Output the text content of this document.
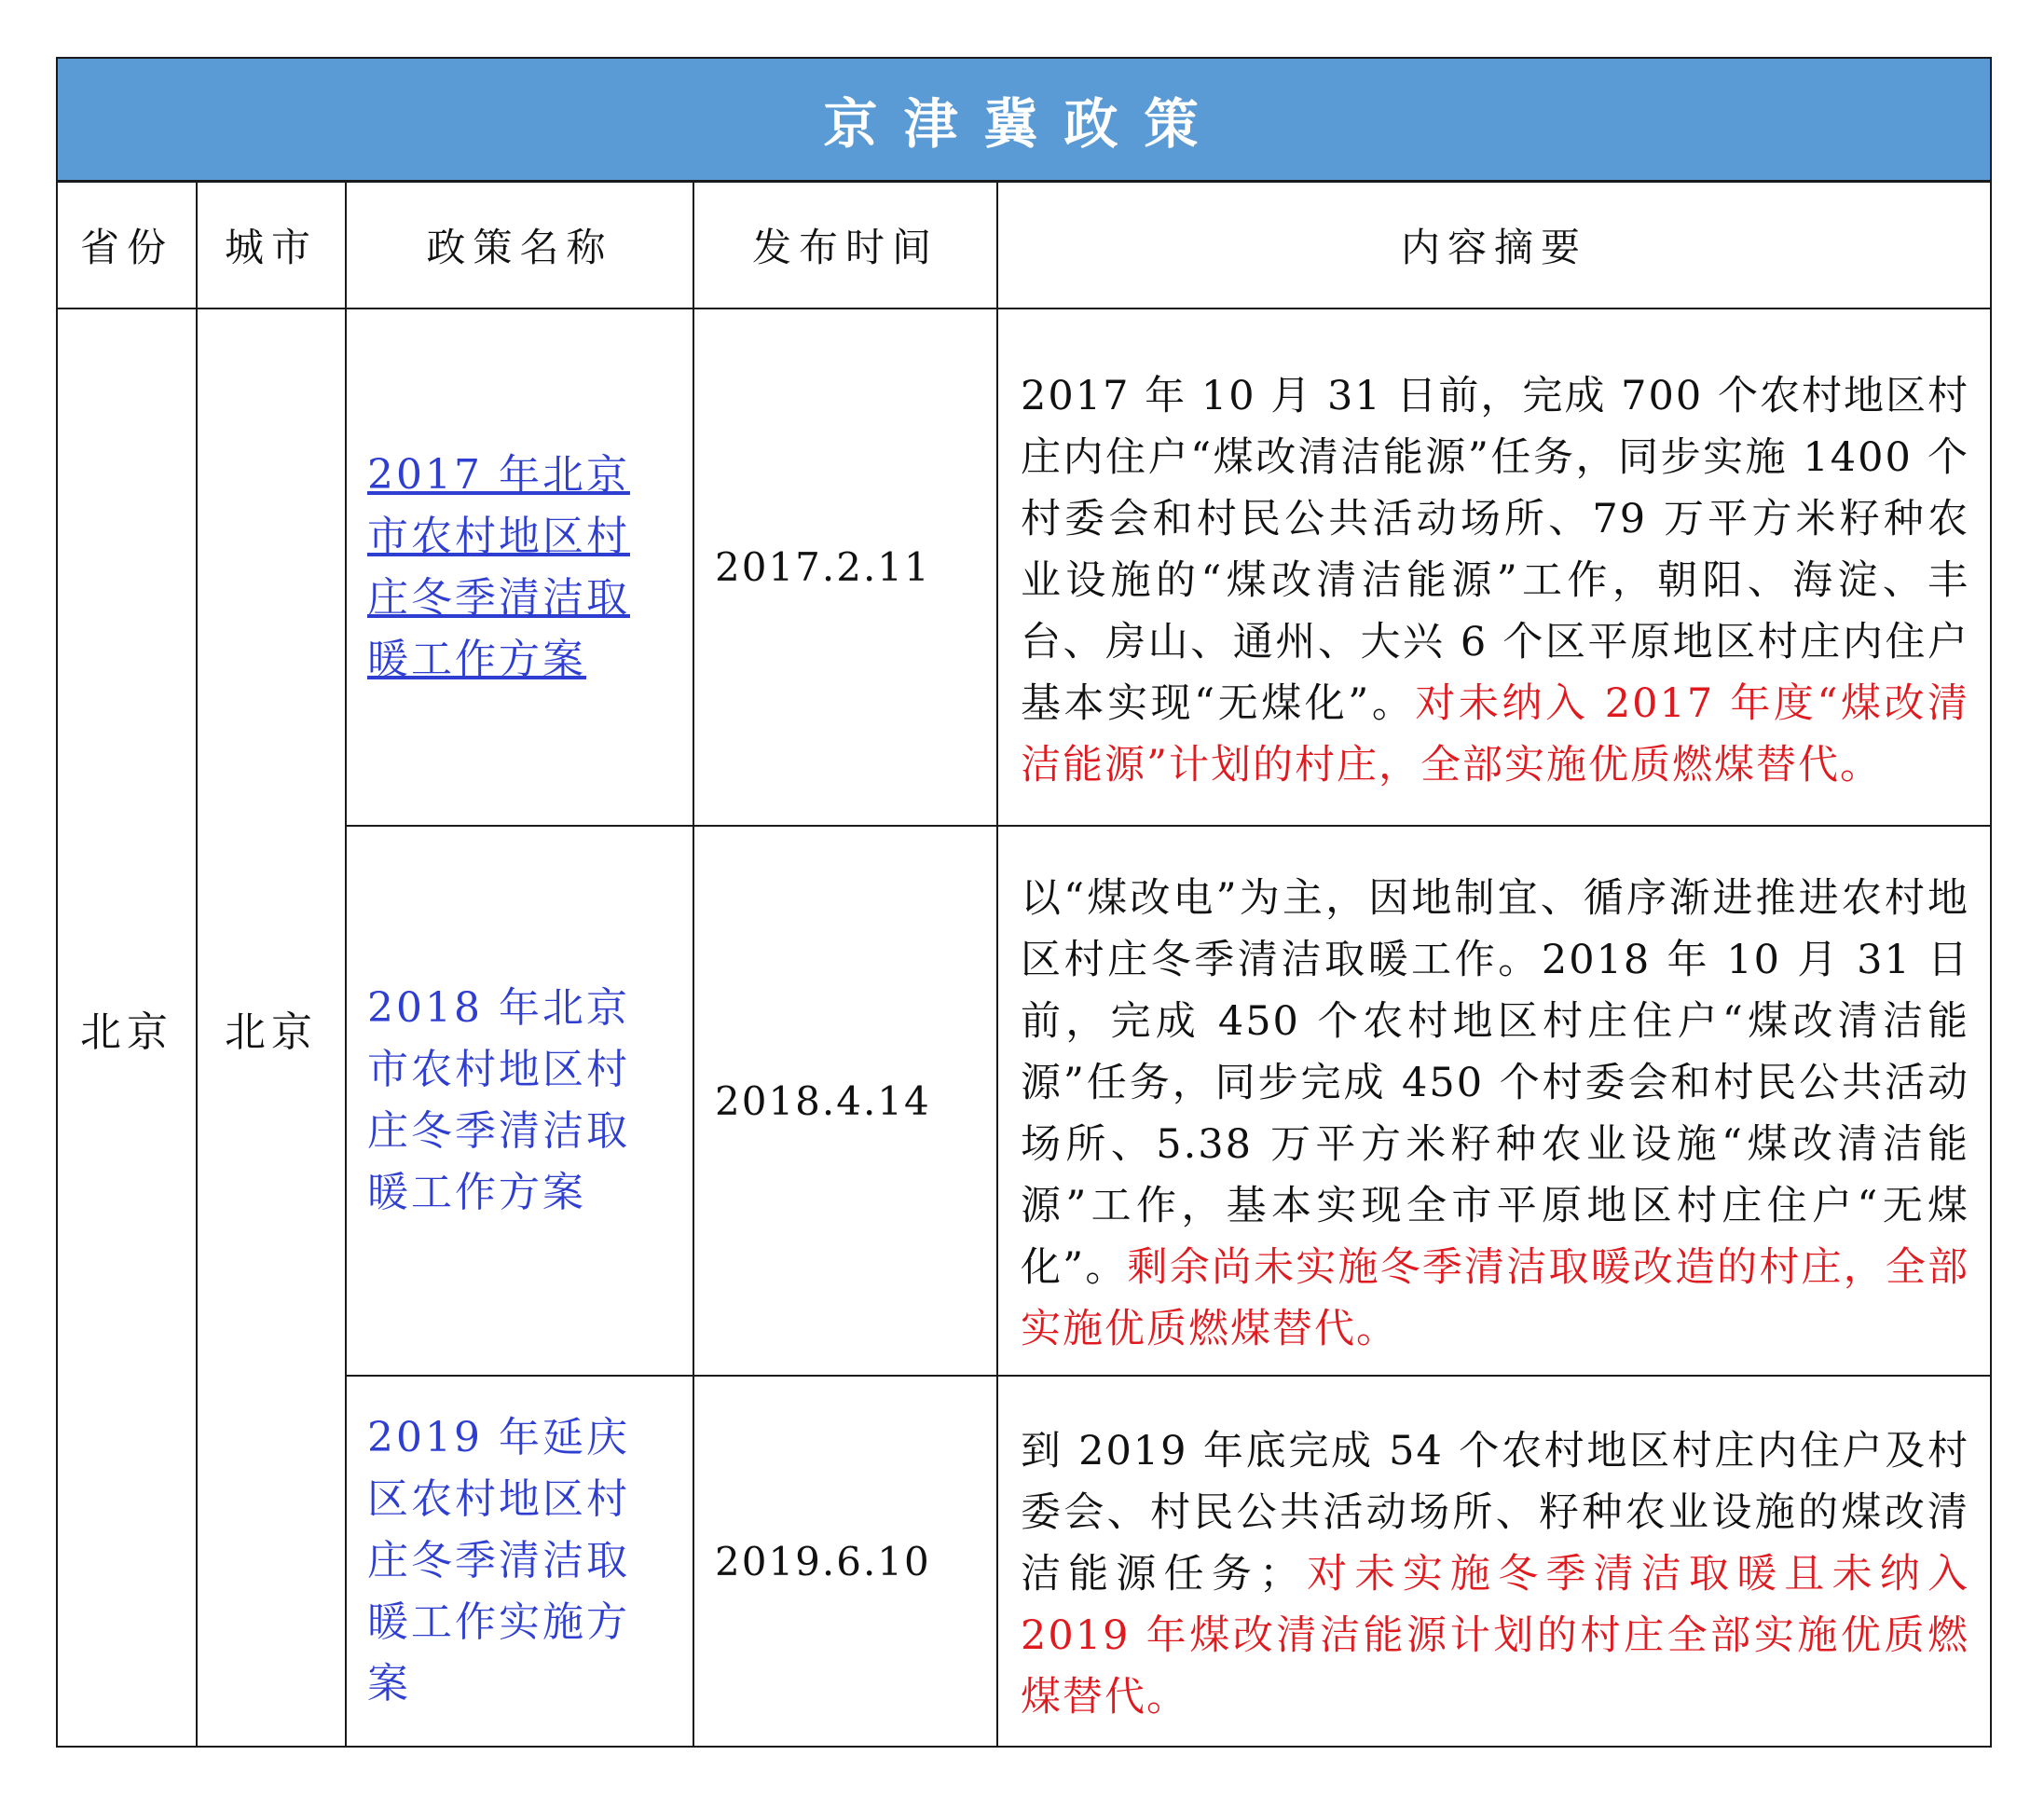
京津冀政策				
省份	城市	政策名称	发布时间	内容摘要
北京	北京	2017 年北京市农村地区村庄冬季清洁取暖工作方案	2017.2.11	2017 年 10 月 31 日前，完成 700 个农村地区村庄内住户“煤改清洁能源”任务，同步实施 1400 个村委会和村民公共活动场所、79 万平方米籽种农业设施的“煤改清洁能源”工作，朝阳、海淀、丰台、房山、通州、大兴 6 个区平原地区村庄内住户基本实现“无煤化”。对未纳入 2017 年度“煤改清洁能源”计划的村庄，全部实施优质燃煤替代。
		2018 年北京市农村地区村庄冬季清洁取暖工作方案	2018.4.14	以“煤改电”为主，因地制宜、循序渐进推进农村地区村庄冬季清洁取暖工作。2018 年 10 月 31 日前，完成 450 个农村地区村庄住户“煤改清洁能源”任务，同步完成 450 个村委会和村民公共活动场所、5.38 万平方米籽种农业设施“煤改清洁能源”工作，基本实现全市平原地区村庄住户“无煤化”。剩余尚未实施冬季清洁取暖改造的村庄，全部实施优质燃煤替代。
		2019 年延庆区农村地区村庄冬季清洁取暖工作实施方案	2019.6.10	到 2019 年底完成 54 个农村地区村庄内住户及村委会、村民公共活动场所、籽种农业设施的煤改清洁能源任务；对未实施冬季清洁取暖且未纳入 2019 年煤改清洁能源计划的村庄全部实施优质燃煤替代。
